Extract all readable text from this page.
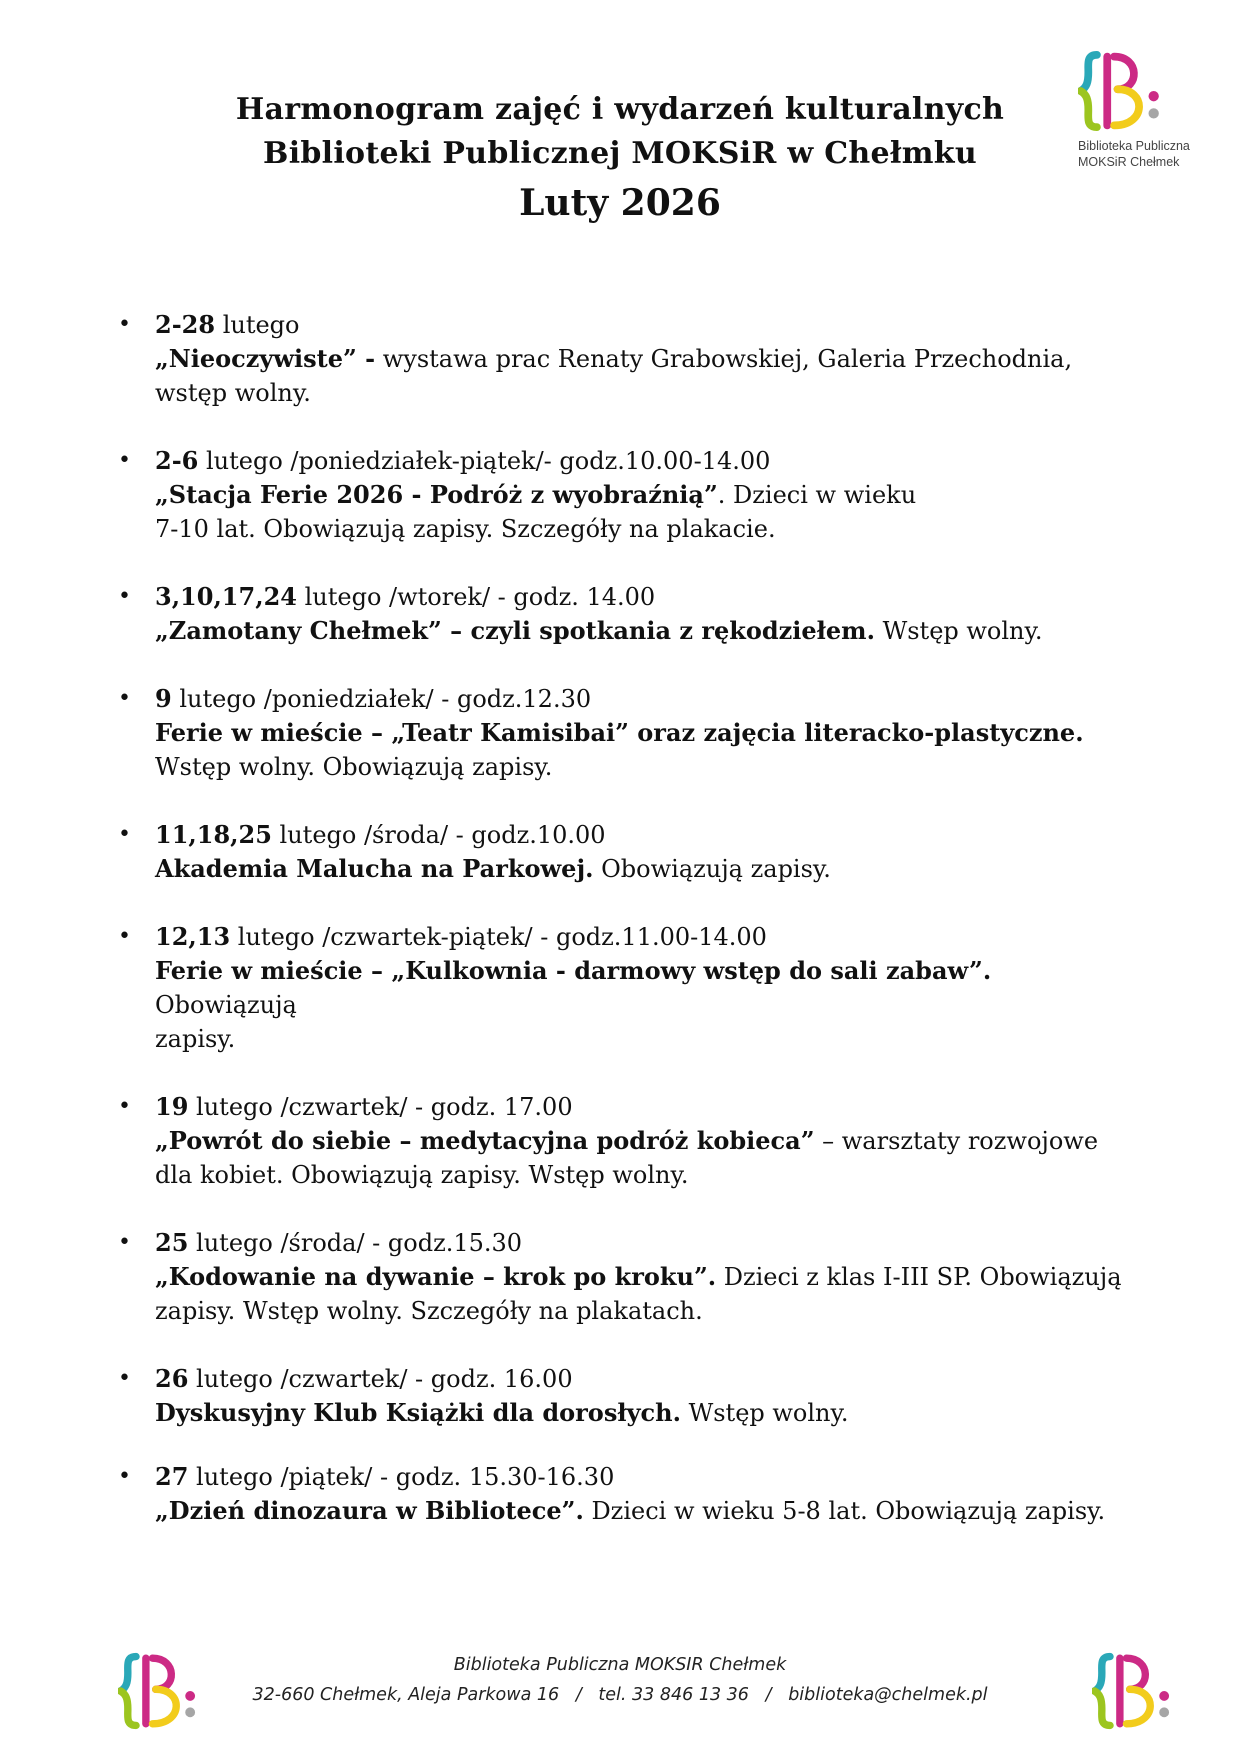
Harmonogram zajęć i wydarzeń kulturalnych
Biblioteki Publicznej MOKSiR w Chełmku
Luty 2026
Biblioteka Publiczna
MOKSiR Chełmek
• 2-28 lutego
„Nieoczywiste” - wystawa prac Renaty Grabowskiej, Galeria Przechodnia,
wstęp wolny.
• 2-6 lutego /poniedziałek-piątek/- godz.10.00-14.00
„Stacja Ferie 2026 - Podróż z wyobraźnią”. Dzieci w wieku
7-10 lat. Obowiązują zapisy. Szczegóły na plakacie.
• 3,10,17,24 lutego /wtorek/ - godz. 14.00
„Zamotany Chełmek” – czyli spotkania z rękodziełem. Wstęp wolny.
• 9 lutego /poniedziałek/ - godz.12.30
Ferie w mieście – „Teatr Kamisibai” oraz zajęcia literacko-plastyczne.
Wstęp wolny. Obowiązują zapisy.
• 11,18,25 lutego /środa/ - godz.10.00
Akademia Malucha na Parkowej. Obowiązują zapisy.
• 12,13 lutego /czwartek-piątek/ - godz.11.00-14.00
Ferie w mieście – „Kulkownia - darmowy wstęp do sali zabaw”. Obowiązują
zapisy.
• 19 lutego /czwartek/ - godz. 17.00
„Powrót do siebie – medytacyjna podróż kobieca” – warsztaty rozwojowe
dla kobiet. Obowiązują zapisy. Wstęp wolny.
• 25 lutego /środa/ - godz.15.30
„Kodowanie na dywanie – krok po kroku”. Dzieci z klas I-III SP. Obowiązują
zapisy. Wstęp wolny. Szczegóły na plakatach.
• 26 lutego /czwartek/ - godz. 16.00
Dyskusyjny Klub Książki dla dorosłych. Wstęp wolny.
• 27 lutego /piątek/ - godz. 15.30-16.30
„Dzień dinozaura w Bibliotece”. Dzieci w wieku 5-8 lat. Obowiązują zapisy.
Biblioteka Publiczna MOKSIR Chełmek
32-660 Chełmek, Aleja Parkowa 16   /   tel. 33 846 13 36   /   biblioteka@chelmek.pl
